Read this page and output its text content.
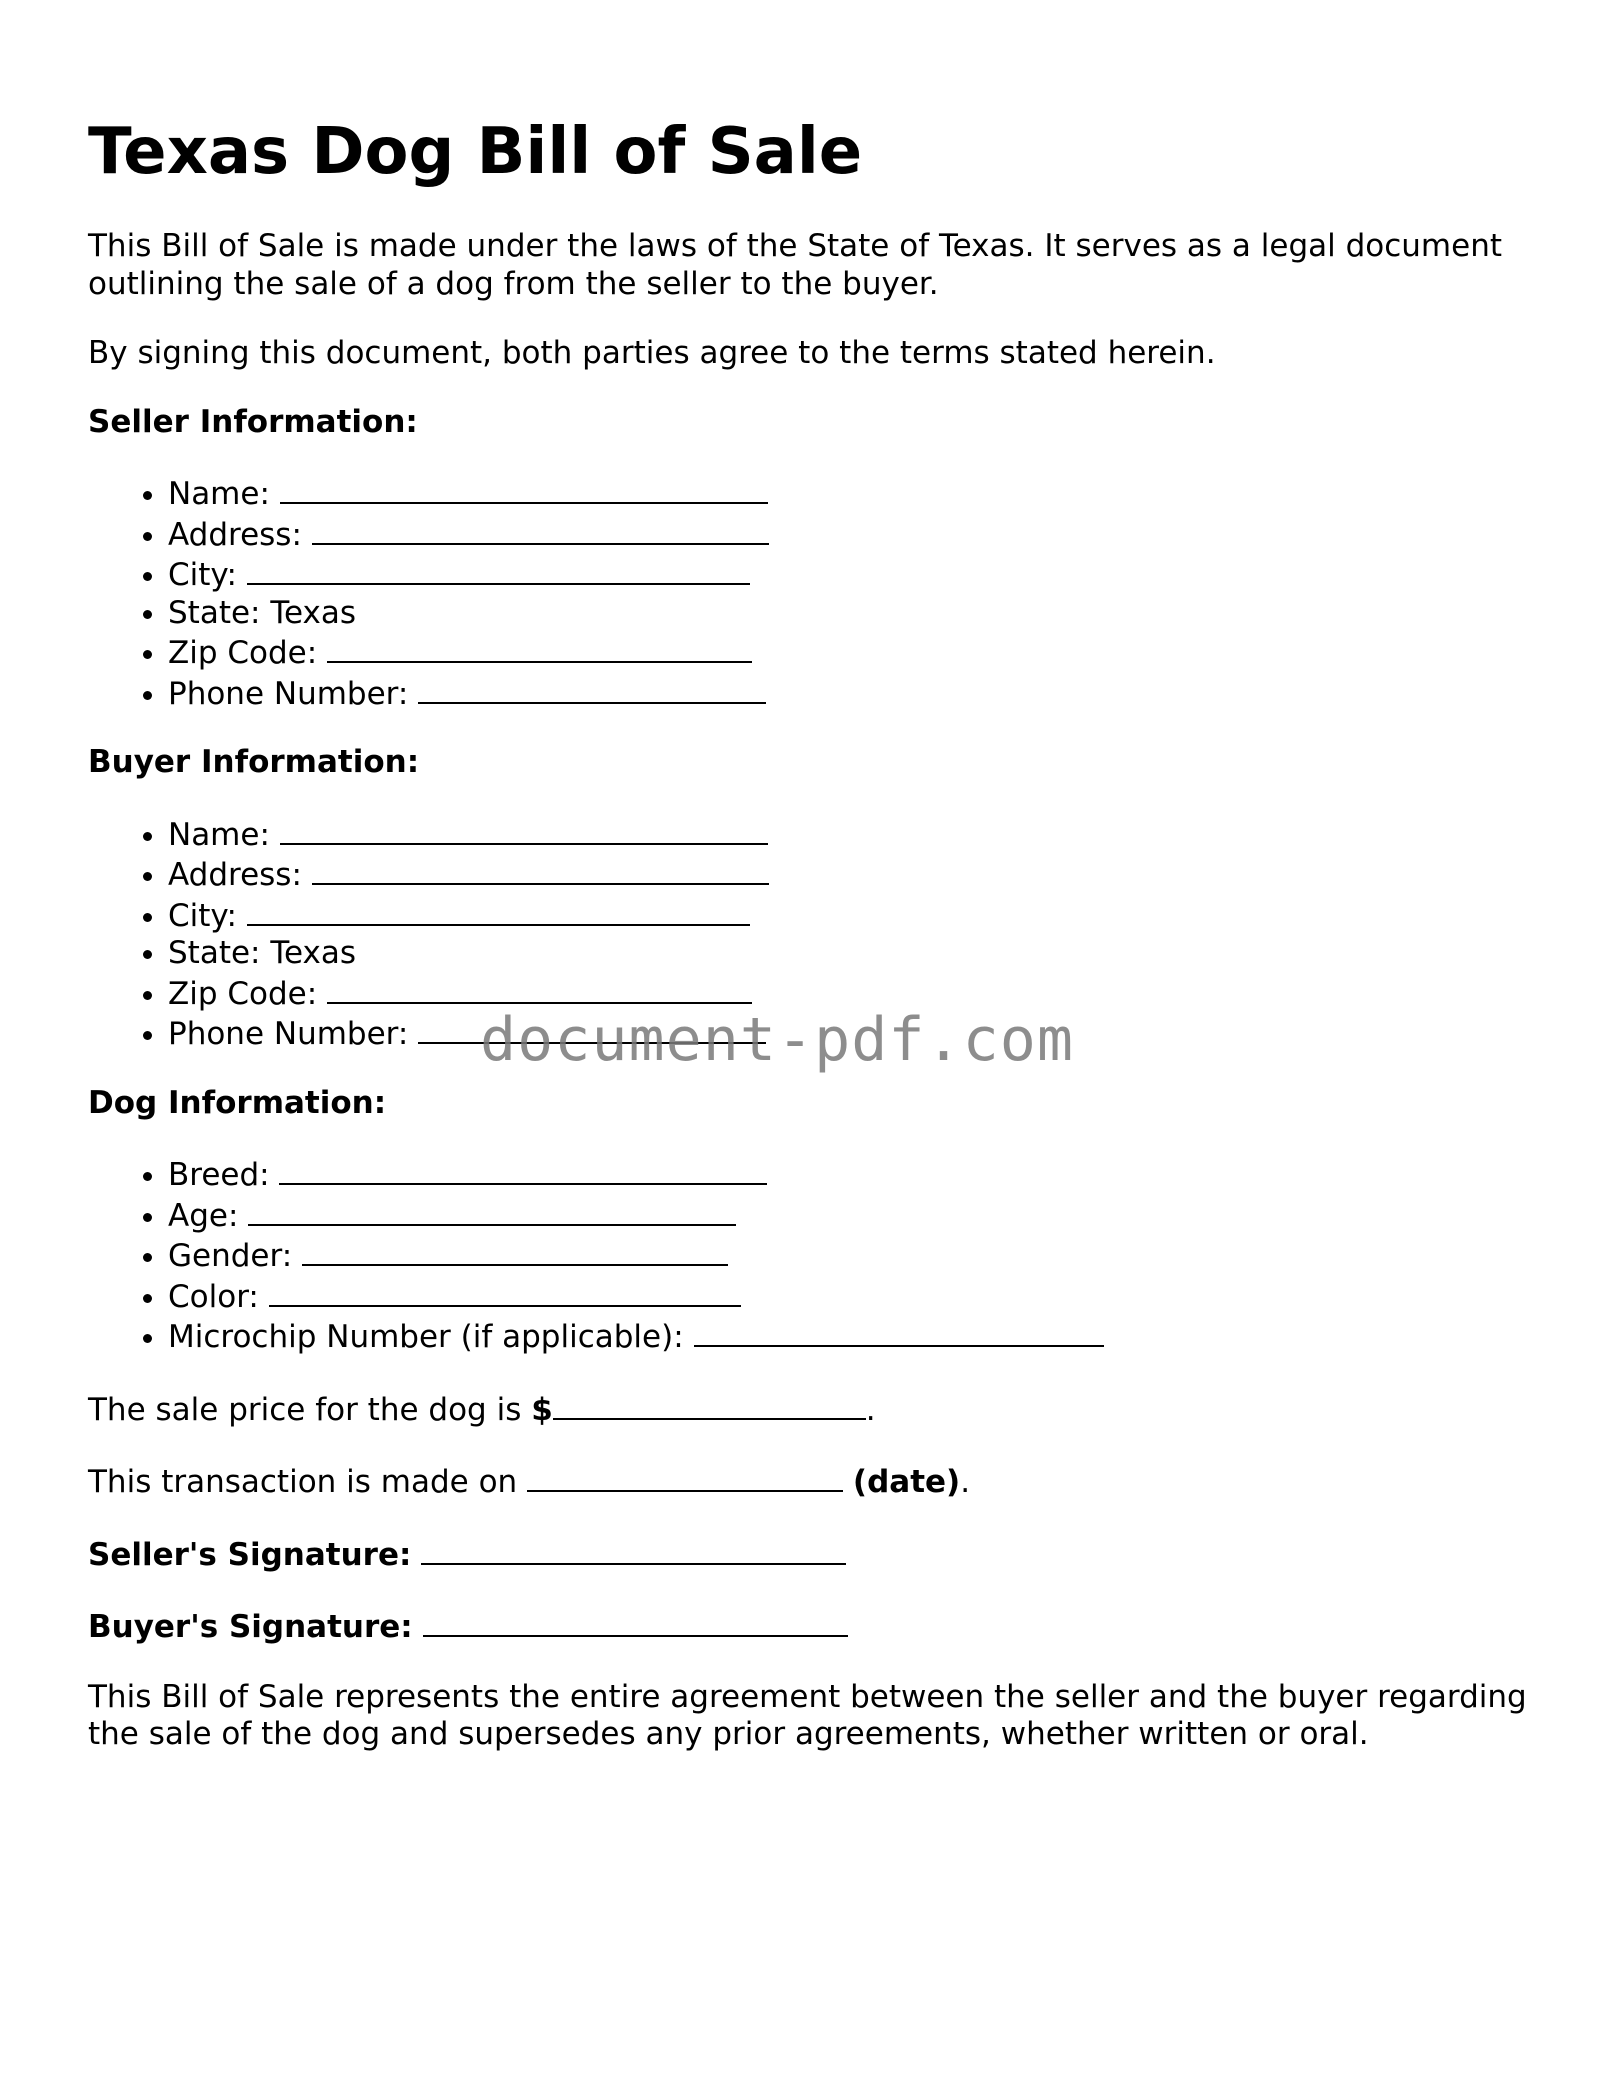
Texas Dog Bill of Sale

This Bill of Sale is made under the laws of the State of Texas. It serves as a legal document outlining the sale of a dog from the seller to the buyer.

By signing this document, both parties agree to the terms stated herein.

Seller Information:

• Name:
• Address:
• City:
• State: Texas
• Zip Code:
• Phone Number:

Buyer Information:

• Name:
• Address:
• City:
• State: Texas
• Zip Code:
• Phone Number:

Dog Information:

• Breed:
• Age:
• Gender:
• Color:
• Microchip Number (if applicable):

The sale price for the dog is $	.

This transaction is made on	(date).

Seller's Signature:

Buyer's Signature:

This Bill of Sale represents the entire agreement between the seller and the buyer regarding the sale of the dog and supersedes any prior agreements, whether written or oral.

document-pdf.com
